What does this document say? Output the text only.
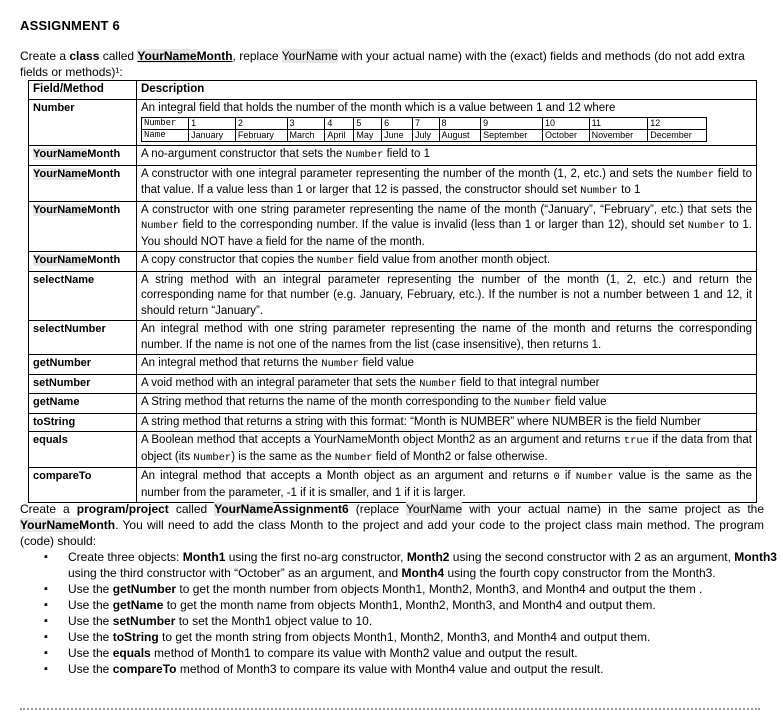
ASSIGNMENT 6
Create a class called YourNameMonth, replace YourName with your actual name) with the (exact) fields and methods (do not add extra fields or methods)¹:
Field/Method	Description
Number	An integral field that holds the number of the month which is a value between 1 and 12 where
Number	1	2	3	4	5	6	7	8	9	10	11	12
Name	January	February	March	April	May	June	July	August	September	October	November	December

YourNameMonth	A no-argument constructor that sets the Number field to 1
YourNameMonth	A constructor with one integral parameter representing the number of the month (1, 2, etc.) and sets the Number field to that value. If a value less than 1 or larger that 12 is passed, the constructor should set Number to 1
YourNameMonth	A constructor with one string parameter representing the name of the month (“January”, “February”, etc.) that sets the Number field to the corresponding number. If the value is invalid (less than 1 or larger than 12), should set Number to 1. You should NOT have a field for the name of the month.
YourNameMonth	A copy constructor that copies the Number field value from another month object.
selectName	A string method with an integral parameter representing the number of the month (1, 2, etc.) and return the corresponding name for that number (e.g. January, February, etc.). If the number is not a number between 1 and 12, it should return “January”.
selectNumber	An integral method with one string parameter representing the name of the month and returns the corresponding number. If the name is not one of the names from the list (case insensitive), then returns 1.
getNumber	An integral method that returns the Number field value
setNumber	A void method with an integral parameter that sets the Number field to that integral number
getName	A String method that returns the name of the month corresponding to the Number field value
toString	A string method that returns a string with this format: “Month is NUMBER” where NUMBER is the field Number
equals	A Boolean method that accepts a YourNameMonth object Month2 as an argument and returns true if the data from that object (its Number) is the same as the Number field of Month2 or false otherwise.
compareTo	An integral method that accepts a Month object as an argument and returns 0 if Number value is the same as the number from the parameter, -1 if it is smaller, and 1 if it is larger.
Create a program/project called YourNameAssignment6 (replace YourName with your actual name) in the same project as the YourNameMonth. You will need to add the class Month to the project and add your code to the project class main method. The program (code) should:
▪ Create three objects: Month1 using the first no-arg constructor, Month2 using the second constructor with 2 as an argument, Month3 using the third constructor with “October” as an argument, and Month4 using the fourth copy constructor from the Month3.
▪ Use the getNumber to get the month number from objects Month1, Month2, Month3, and Month4 and output the them .
▪ Use the getName to get the month name from objects Month1, Month2, Month3, and Month4 and output them.
▪ Use the setNumber to set the Month1 object value to 10.
▪ Use the toString to get the month string from objects Month1, Month2, Month3, and Month4 and output them.
▪ Use the equals method of Month1 to compare its value with Month2 value and output the result.
▪ Use the compareTo method of Month3 to compare its value with Month4 value and output the result.
